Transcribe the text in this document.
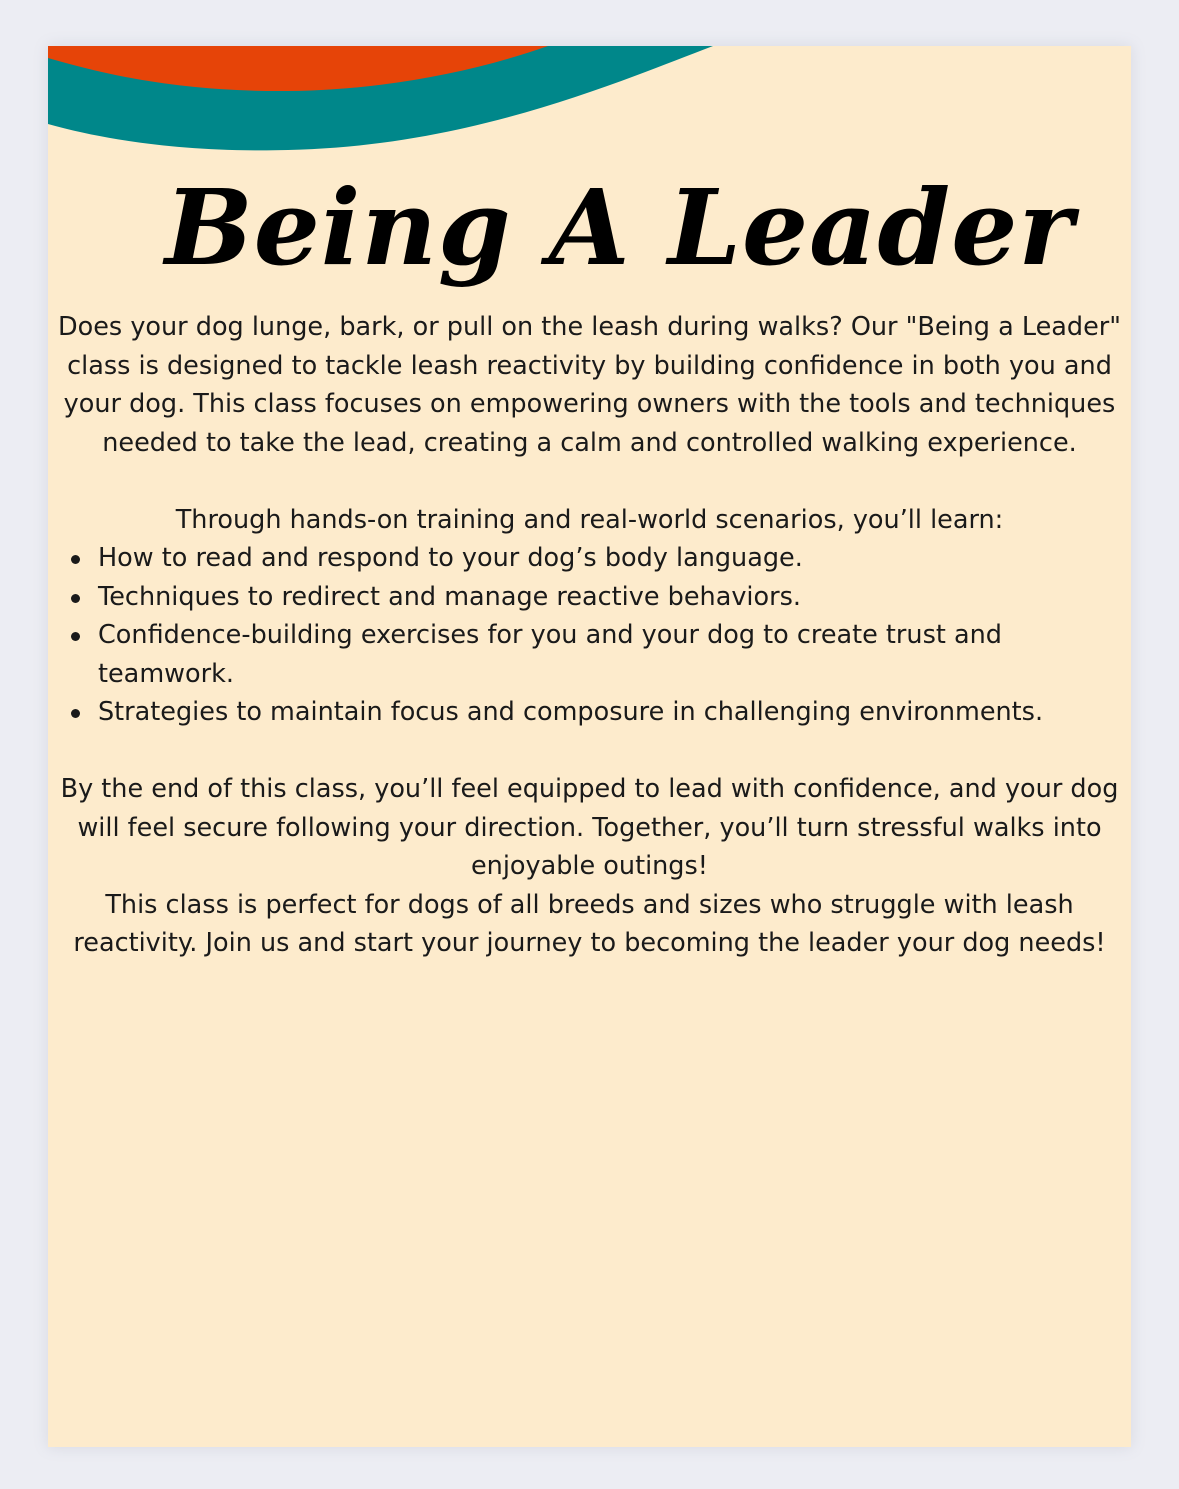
Being A Leader

Does your dog lunge, bark, or pull on the leash during walks? Our "Being a Leader" class is designed to tackle leash reactivity by building confidence in both you and your dog. This class focuses on empowering owners with the tools and techniques needed to take the lead, creating a calm and controlled walking experience.

Through hands-on training and real-world scenarios, you’ll learn:

How to read and respond to your dog’s body language.
Techniques to redirect and manage reactive behaviors.
Confidence-building exercises for you and your dog to create trust and teamwork.
Strategies to maintain focus and composure in challenging environments.

By the end of this class, you’ll feel equipped to lead with confidence, and your dog will feel secure following your direction. Together, you’ll turn stressful walks into enjoyable outings!

This class is perfect for dogs of all breeds and sizes who struggle with leash reactivity. Join us and start your journey to becoming the leader your dog needs!
